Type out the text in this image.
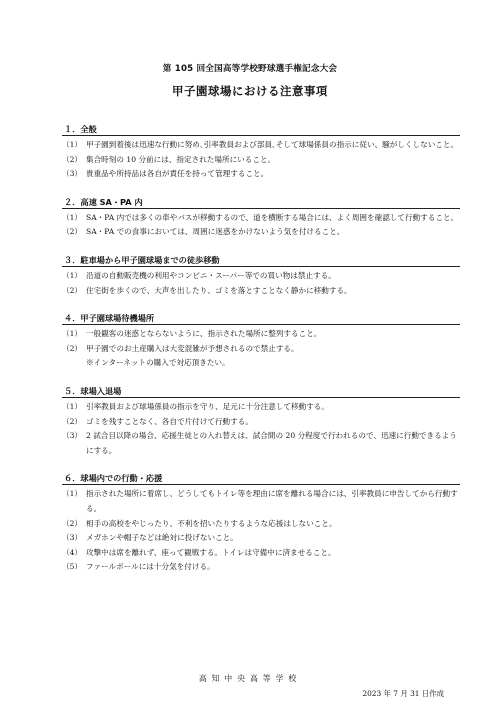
第 105 回全国高等学校野球選手権記念大会
甲子園球場における注意事項
１．全般
（1） 甲子園到着後は迅速な行動に努め､引率教員および部員､そして球場係員の指示に従い、騒がしくしないこと。
（2） 集合時刻の 10 分前には、指定された場所にいること。
（3） 貴重品や所持品は各自が責任を持って管理すること。
２．高速 SA・PA 内
（1） SA・PA 内では多くの車やバスが移動するので、道を横断する場合には、よく周囲を確認して行動すること。
（2） SA・PA での食事においては、周囲に迷惑をかけないよう気を付けること。
３．駐車場から甲子園球場までの徒歩移動
（1） 沿道の自動販売機の利用やコンビニ・スーパー等での買い物は禁止する。
（2） 住宅街を歩くので、大声を出したり、ゴミを落とすことなく静かに移動する。
４．甲子園球場待機場所
（1） 一般観客の迷惑とならないように、指示された場所に整列すること。
（2） 甲子園でのお土産購入は大変混雑が予想されるので禁止する。
※インターネットの購入で対応頂きたい。
５．球場入退場
（1） 引率教員および球場係員の指示を守り、足元に十分注意して移動する。
（2） ゴミを残すことなく、各自で片付けて行動する。
（3） 2 試合目以降の場合、応援生徒との入れ替えは、試合間の 20 分程度で行われるので、迅速に行動できるようにする。
６．球場内での行動・応援
（1） 指示された場所に着席し、どうしてもトイレ等を理由に席を離れる場合には、引率教員に申告してから行動する。
（2） 相手の高校をやじったり、不利を招いたりするような応援はしないこと。
（3） メガホンや帽子などは絶対に投げないこと。
（4） 攻撃中は席を離れず、座って観戦する。トイレは守備中に済ませること。
（5） ファールボールには十分気を付ける。
高知中央高等学校
2023 年 7 月 31 日作成
